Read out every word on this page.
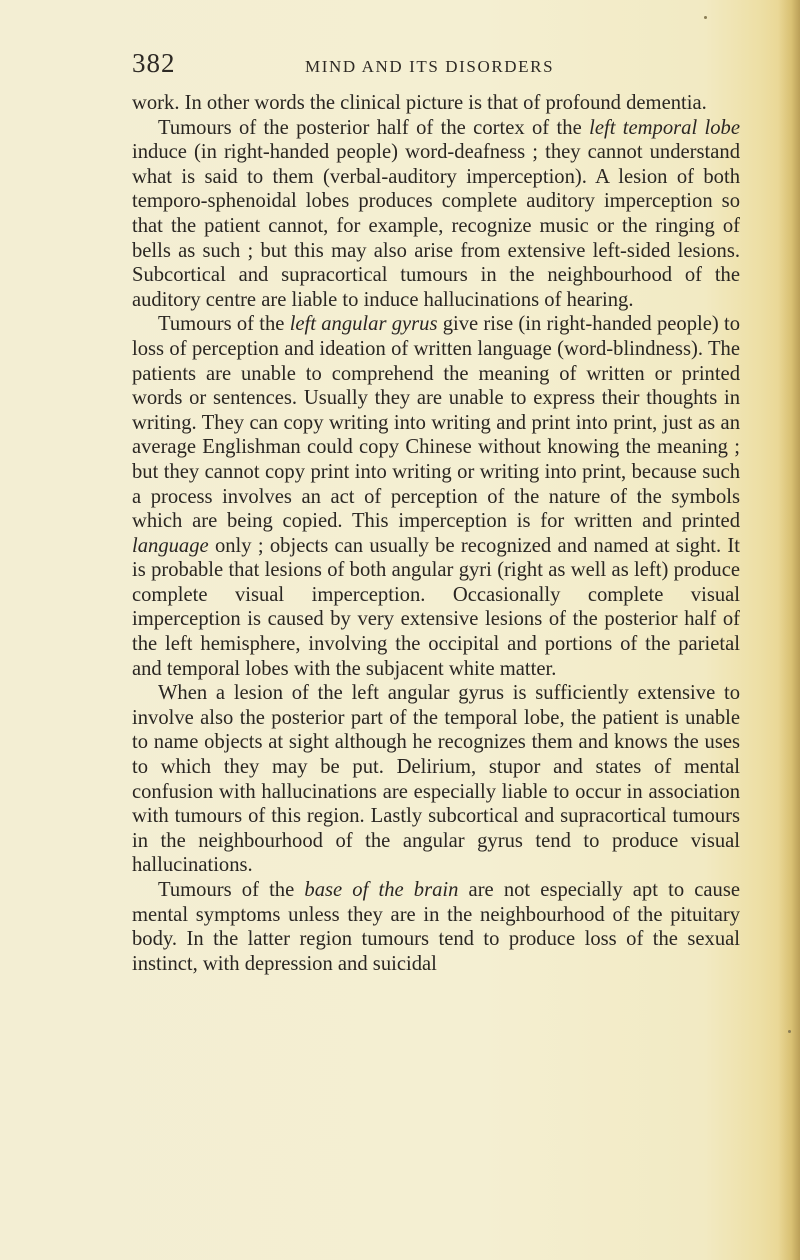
382	MIND AND ITS DISORDERS

work. In other words the clinical picture is that of profound dementia.

Tumours of the posterior half of the cortex of the left temporal lobe induce (in right-handed people) word-deafness ; they cannot understand what is said to them (verbal-auditory imperception). A lesion of both temporo-sphenoidal lobes produces complete auditory imperception so that the patient cannot, for example, recognize music or the ringing of bells as such ; but this may also arise from extensive left-sided lesions. Subcortical and supracortical tumours in the neighbourhood of the auditory centre are liable to induce hallucinations of hearing.

Tumours of the left angular gyrus give rise (in right-handed people) to loss of perception and ideation of written language (word-blindness). The patients are unable to comprehend the meaning of written or printed words or sentences. Usually they are unable to express their thoughts in writing. They can copy writing into writing and print into print, just as an average Englishman could copy Chinese without knowing the meaning ; but they cannot copy print into writing or writing into print, because such a process involves an act of perception of the nature of the symbols which are being copied. This imperception is for written and printed language only ; objects can usually be recognized and named at sight. It is probable that lesions of both angular gyri (right as well as left) produce complete visual imperception. Occasionally complete visual imperception is caused by very extensive lesions of the posterior half of the left hemisphere, involving the occipital and portions of the parietal and temporal lobes with the subjacent white matter.

When a lesion of the left angular gyrus is sufficiently extensive to involve also the posterior part of the temporal lobe, the patient is unable to name objects at sight although he recognizes them and knows the uses to which they may be put. Delirium, stupor and states of mental confusion with hallucinations are especially liable to occur in association with tumours of this region. Lastly subcortical and supracortical tumours in the neighbourhood of the angular gyrus tend to produce visual hallucinations.

Tumours of the base of the brain are not especially apt to cause mental symptoms unless they are in the neighbourhood of the pituitary body. In the latter region tumours tend to produce loss of the sexual instinct, with depression and suicidal
